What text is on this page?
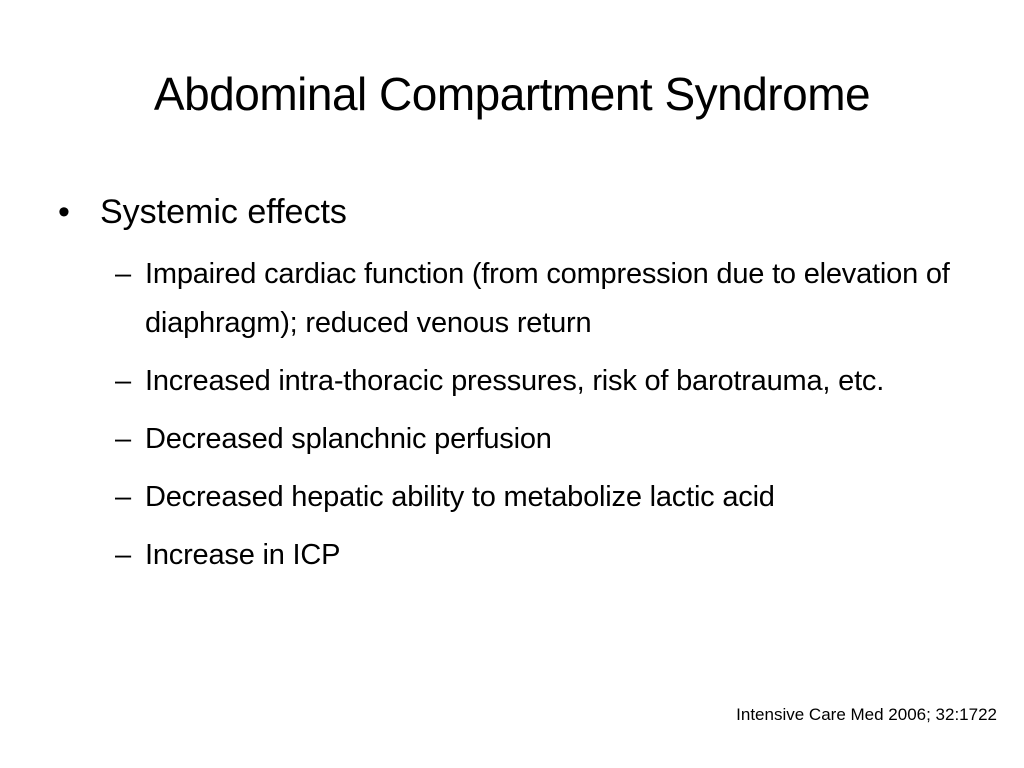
Abdominal Compartment Syndrome
• Systemic effects
– Impaired cardiac function (from compression due to elevation of diaphragm); reduced venous return
– Increased intra-thoracic pressures, risk of barotrauma, etc.
– Decreased splanchnic perfusion
– Decreased hepatic ability to metabolize lactic acid
– Increase in ICP
Intensive Care Med 2006; 32:1722
